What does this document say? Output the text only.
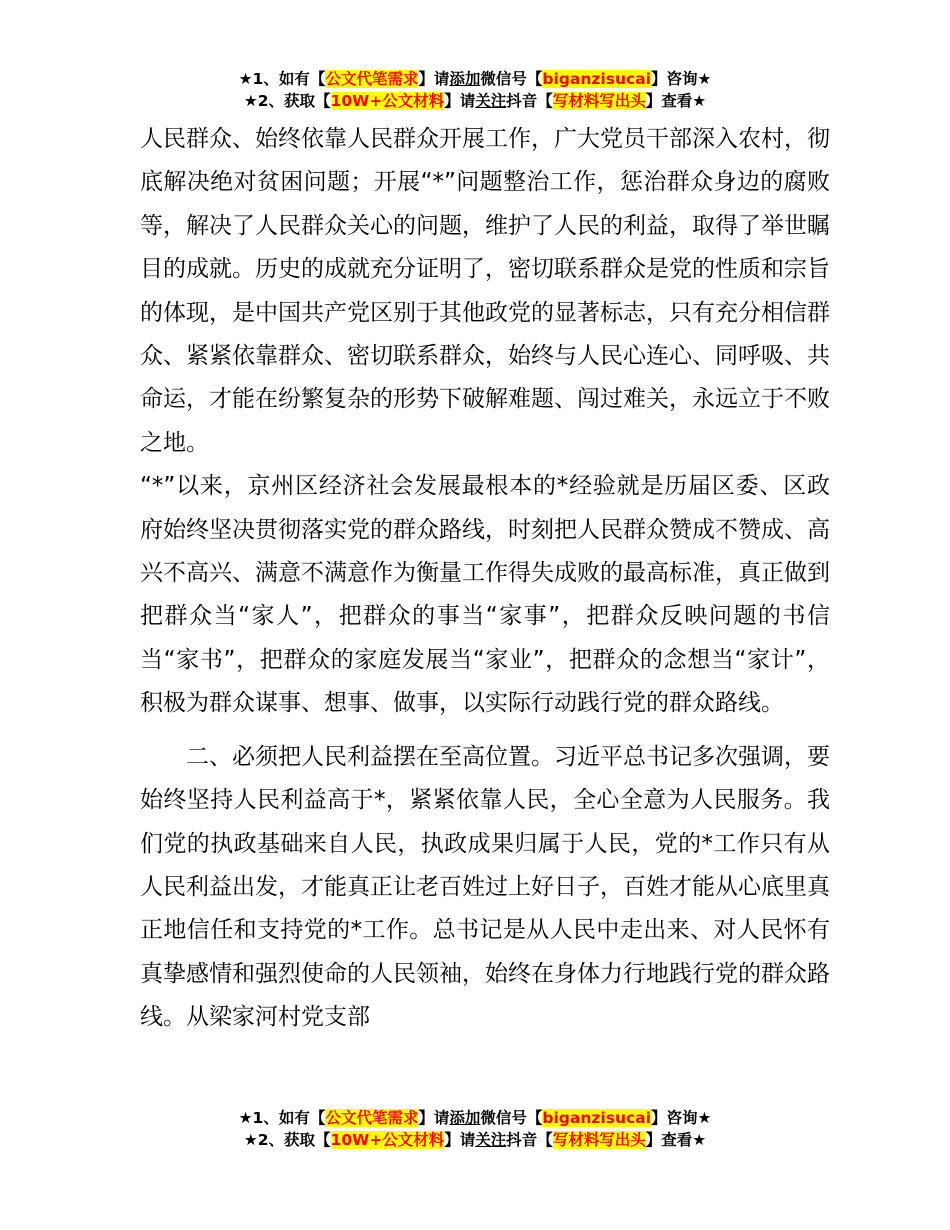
★1、如有【公文代笔需求】请添加微信号【biganzisucai】咨询★
★2、获取【10W+公文材料】请关注抖音【写材料写出头】查看★

人民群众、始终依靠人民群众开展工作，广大党员干部深入农村，彻底解决绝对贫困问题；开展“*”问题整治工作，惩治群众身边的腐败等，解决了人民群众关心的问题，维护了人民的利益，取得了举世瞩目的成就。历史的成就充分证明了，密切联系群众是党的性质和宗旨的体现，是中国共产党区别于其他政党的显著标志，只有充分相信群众、紧紧依靠群众、密切联系群众，始终与人民心连心、同呼吸、共命运，才能在纷繁复杂的形势下破解难题、闯过难关，永远立于不败之地。

“*”以来，京州区经济社会发展最根本的*经验就是历届区委、区政府始终坚决贯彻落实党的群众路线，时刻把人民群众赞成不赞成、高兴不高兴、满意不满意作为衡量工作得失成败的最高标准，真正做到把群众当“家人”，把群众的事当“家事”，把群众反映问题的书信当“家书”，把群众的家庭发展当“家业”，把群众的念想当“家计”，积极为群众谋事、想事、做事，以实际行动践行党的群众路线。

二、必须把人民利益摆在至高位置。习近平总书记多次强调，要始终坚持人民利益高于*，紧紧依靠人民，全心全意为人民服务。我们党的执政基础来自人民，执政成果归属于人民，党的*工作只有从人民利益出发，才能真正让老百姓过上好日子，百姓才能从心底里真正地信任和支持党的*工作。总书记是从人民中走出来、对人民怀有真挚感情和强烈使命的人民领袖，始终在身体力行地践行党的群众路线。从梁家河村党支部

★1、如有【公文代笔需求】请添加微信号【biganzisucai】咨询★
★2、获取【10W+公文材料】请关注抖音【写材料写出头】查看★
